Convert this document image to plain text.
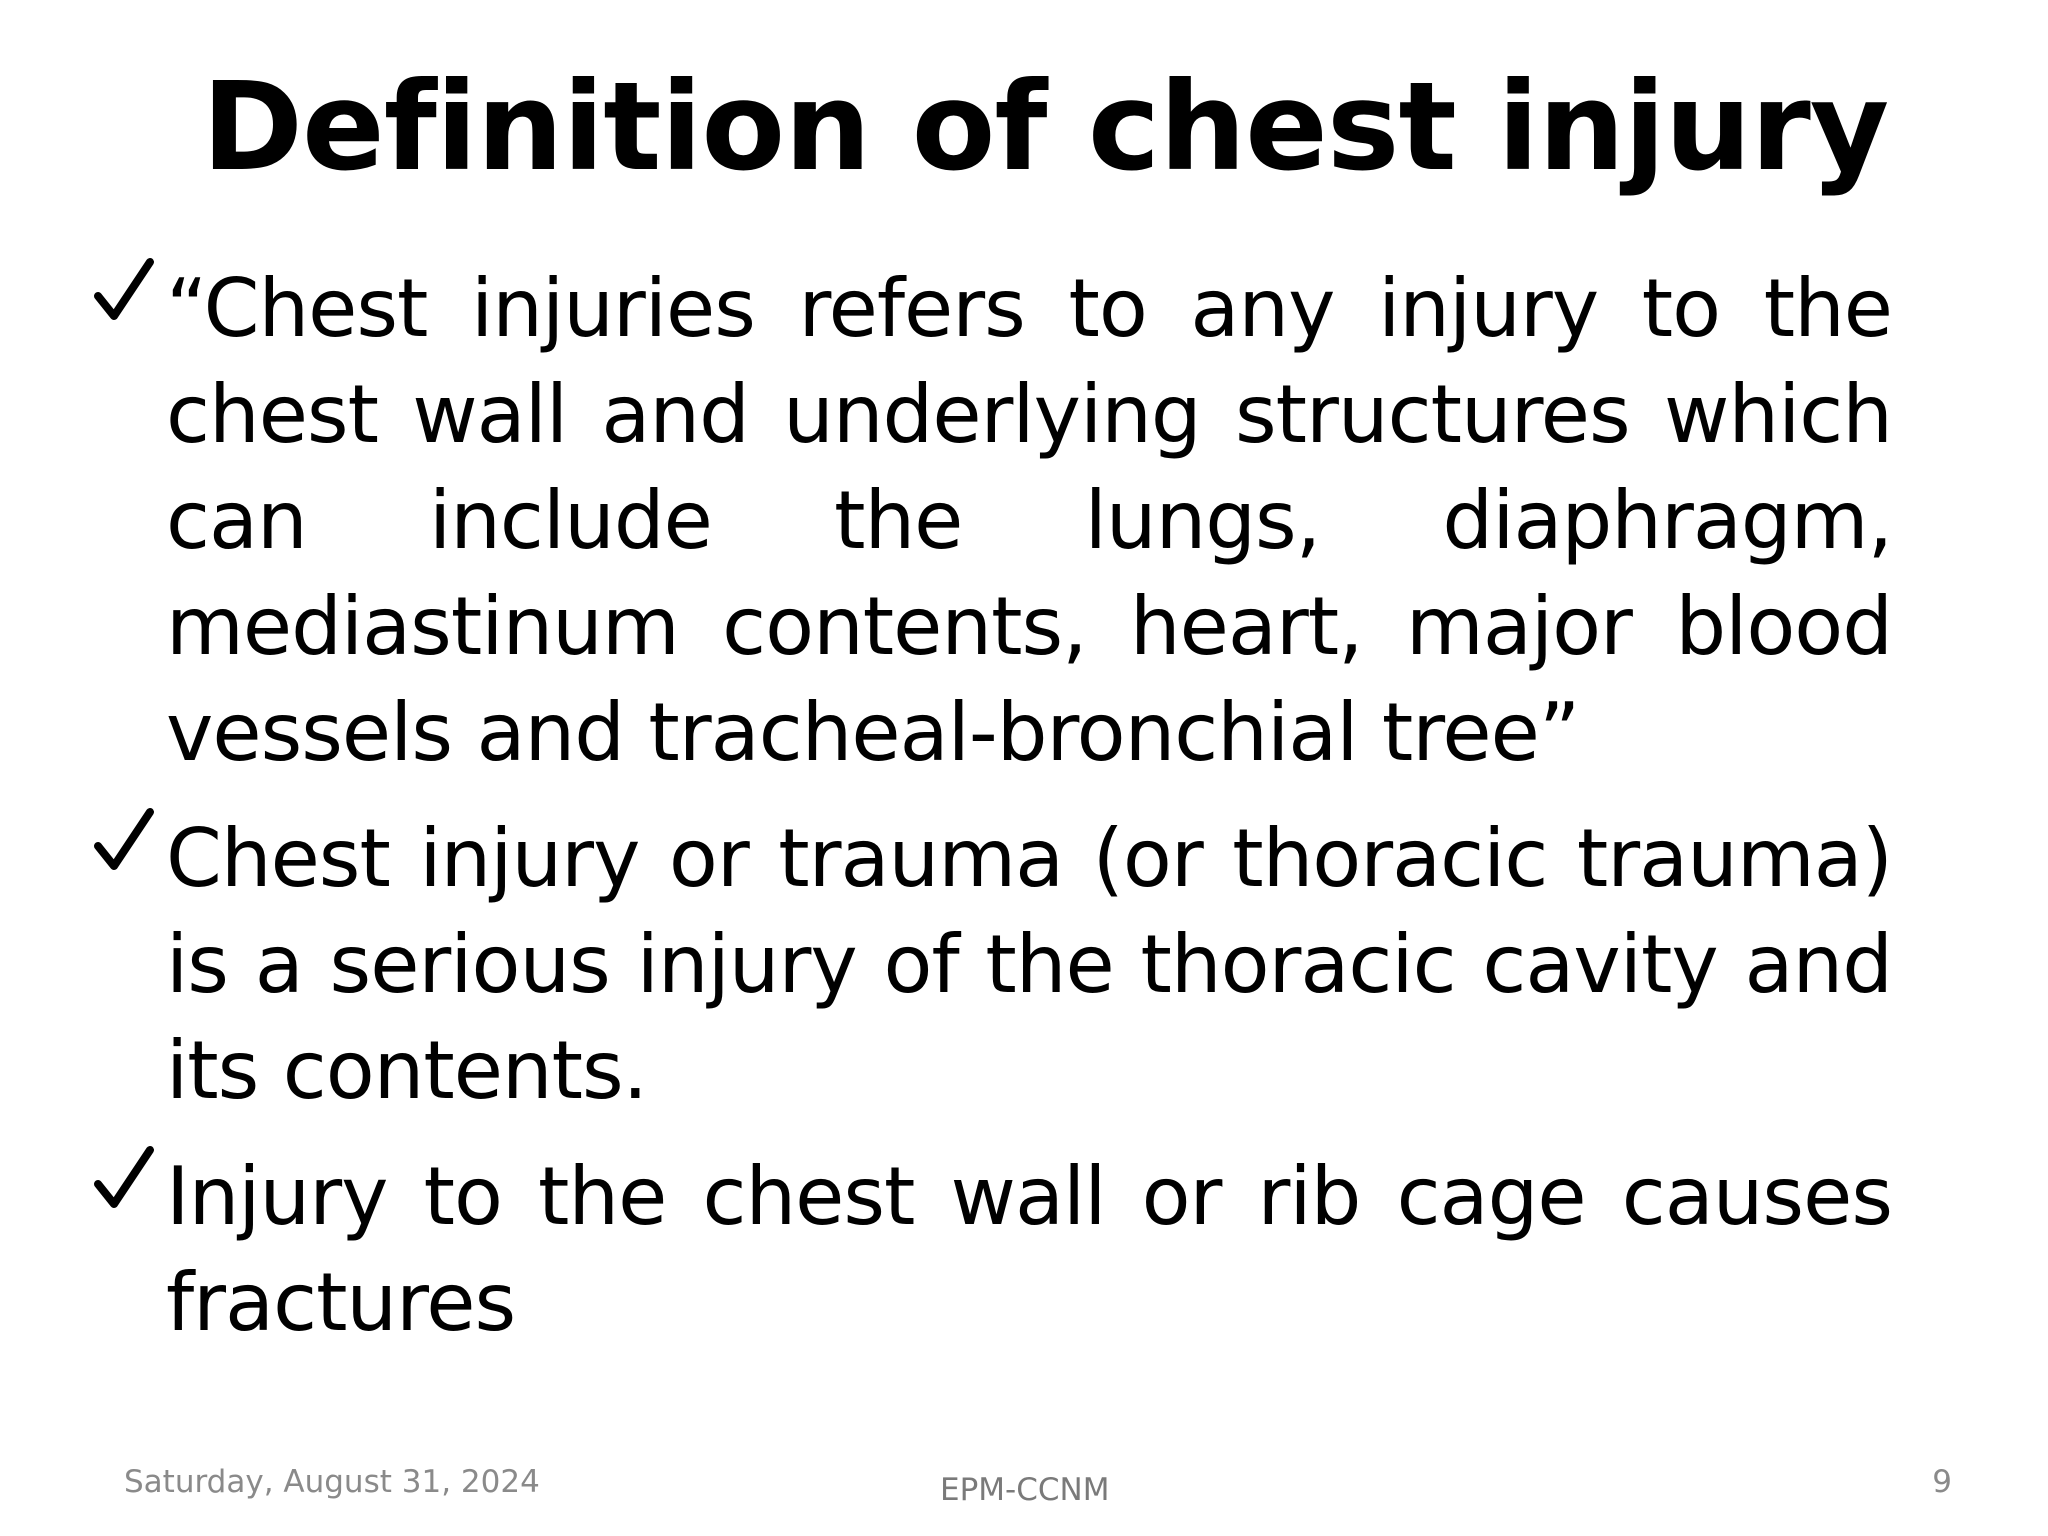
Definition of chest injury
“Chest injuries refers to any injury to the chest wall and underlying structures which can include the lungs, diaphragm, mediastinum contents, heart, major blood vessels and tracheal-bronchial tree”
Chest injury or trauma (or thoracic trauma) is a serious injury of the thoracic cavity and its contents.
Injury to the chest wall or rib cage causes fractures
Saturday, August 31, 2024	EPM-CCNM	9
